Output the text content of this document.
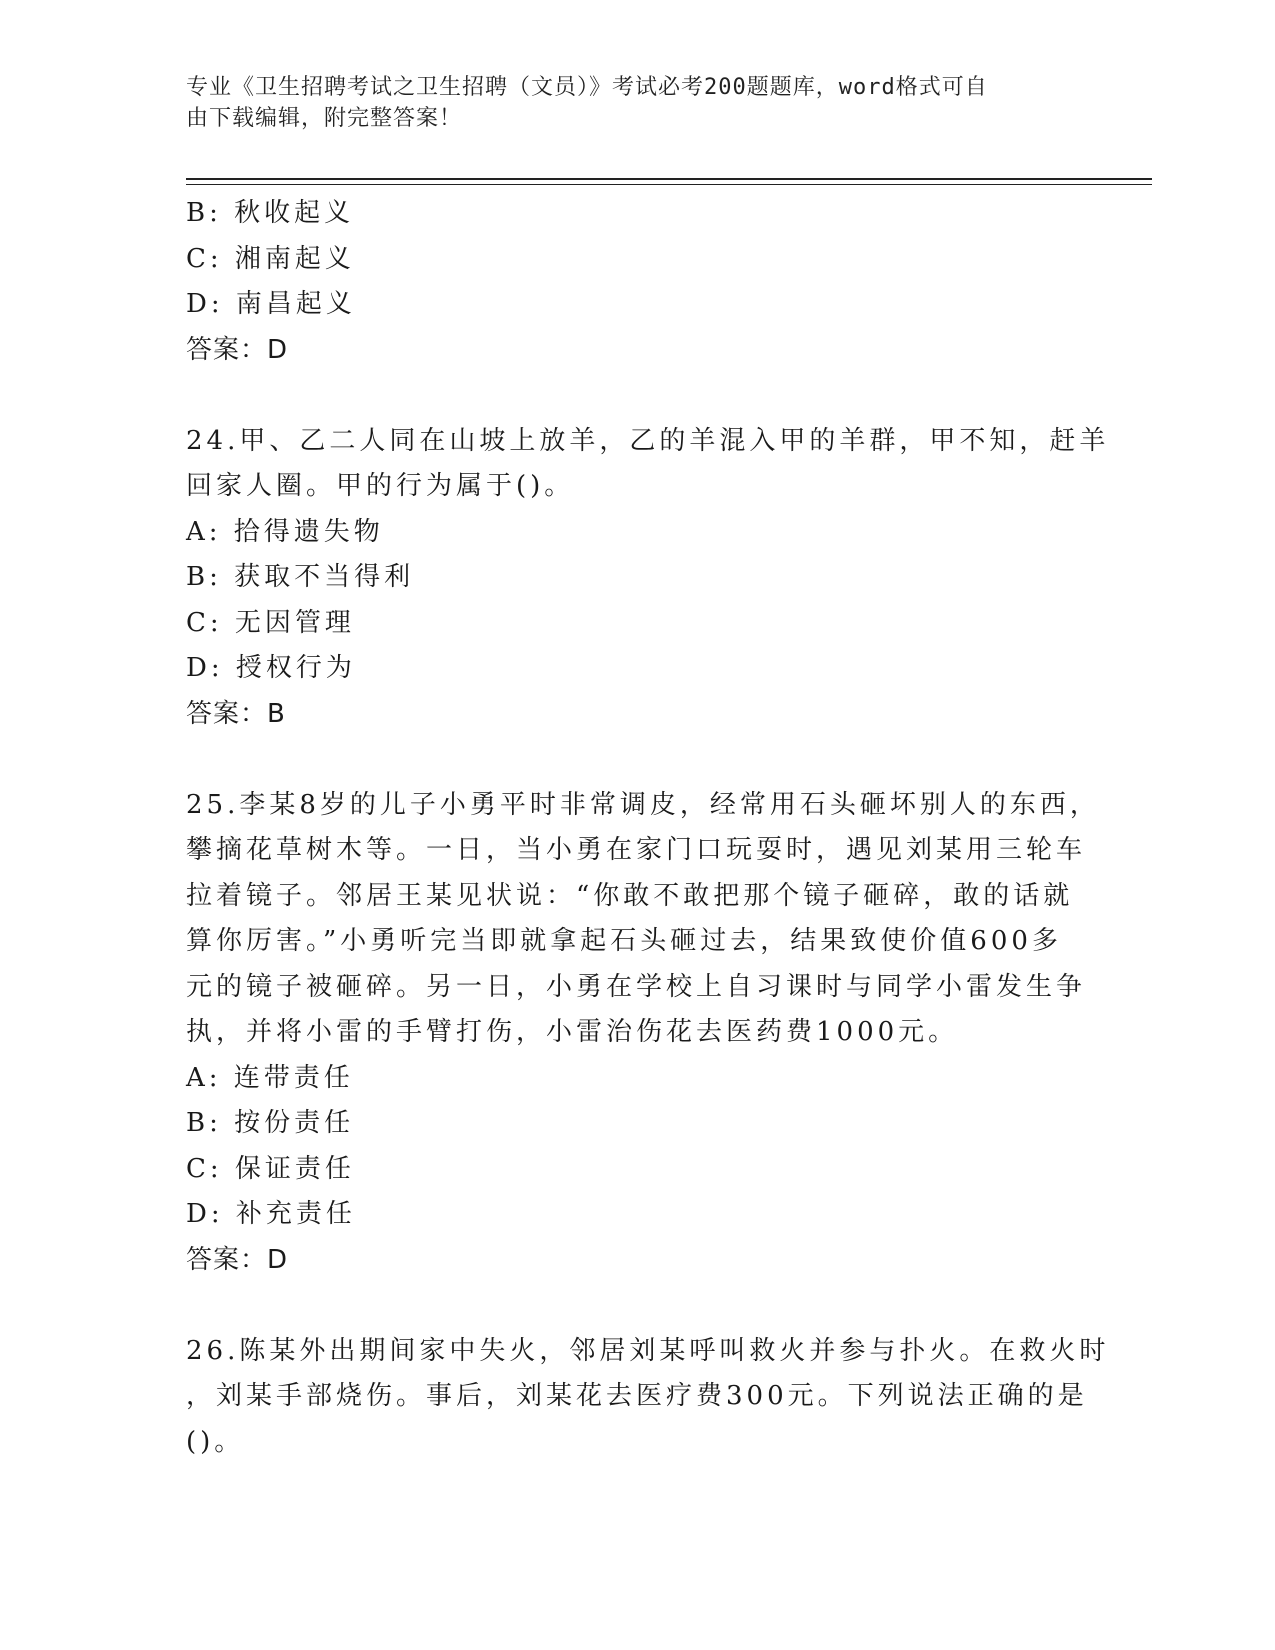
专业《卫生招聘考试之卫生招聘（文员）》考试必考200题题库，word格式可自
由下载编辑，附完整答案！
B: 秋收起义
C: 湘南起义
D: 南昌起义
答案：D
24.甲、乙二人同在山坡上放羊，乙的羊混入甲的羊群，甲不知，赶羊
回家人圈。甲的行为属于()。
A: 拾得遗失物
B: 获取不当得利
C: 无因管理
D: 授权行为
答案：B
25.李某8岁的儿子小勇平时非常调皮，经常用石头砸坏别人的东西，
攀摘花草树木等。一日，当小勇在家门口玩耍时，遇见刘某用三轮车
拉着镜子。邻居王某见状说：“你敢不敢把那个镜子砸碎，敢的话就
算你厉害。”小勇听完当即就拿起石头砸过去，结果致使价值600多
元的镜子被砸碎。另一日，小勇在学校上自习课时与同学小雷发生争
执，并将小雷的手臂打伤，小雷治伤花去医药费1000元。
A: 连带责任
B: 按份责任
C: 保证责任
D: 补充责任
答案：D
26.陈某外出期间家中失火，邻居刘某呼叫救火并参与扑火。在救火时
，刘某手部烧伤。事后，刘某花去医疗费300元。下列说法正确的是
()。
